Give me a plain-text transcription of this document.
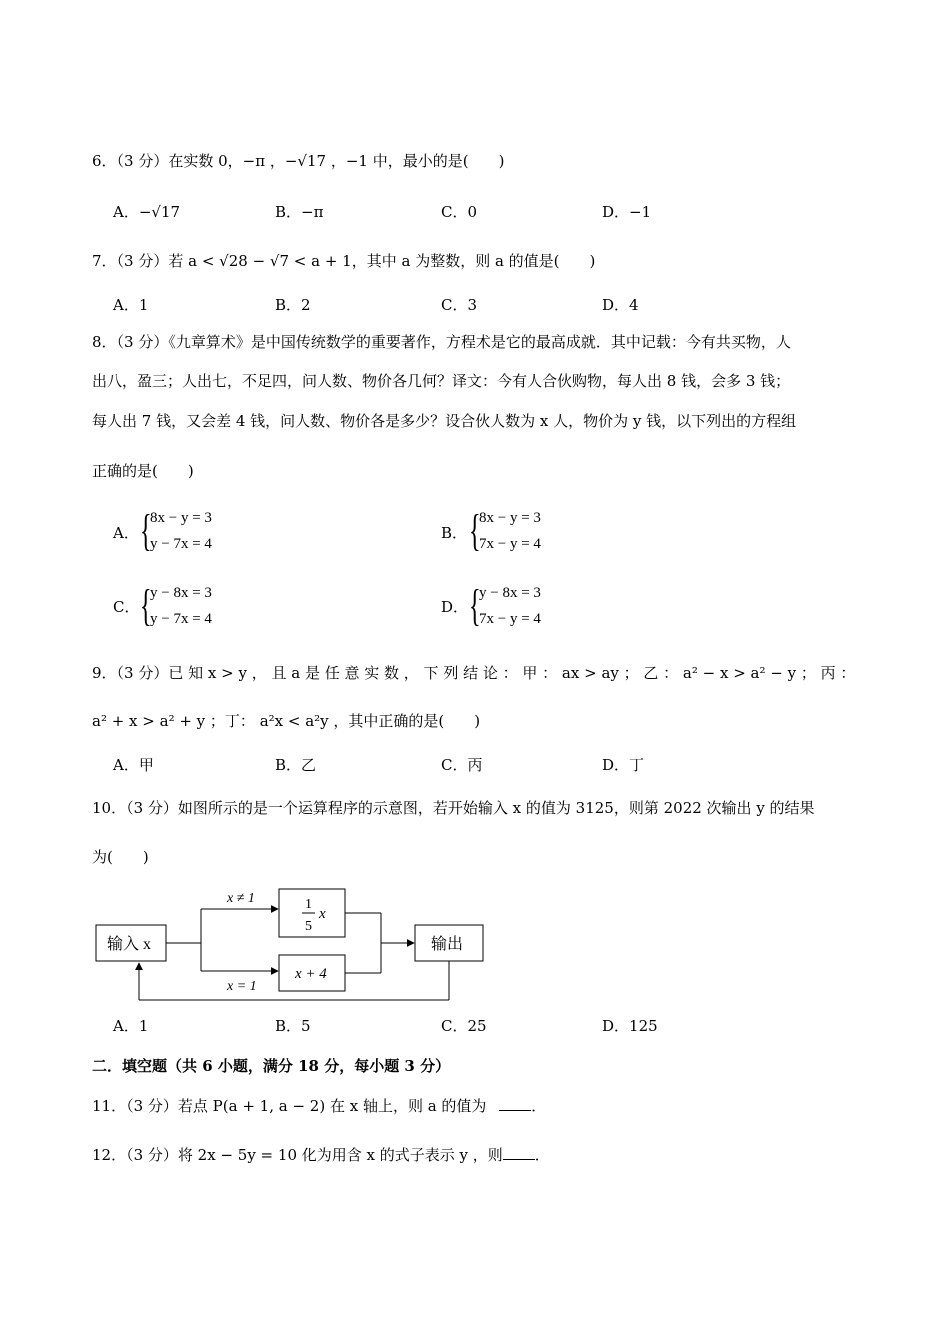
6．（3 分）在实数 0，−π ，−√17 ，−1 中，最小的是(　　)
A．−√17	B．−π	C．0	D．−1
7．（3 分）若 a < √28 − √7 < a + 1，其中 a 为整数，则 a 的值是(　　)
A．1	B．2	C．3	D．4
8．（3 分）《九章算术》是中国传统数学的重要著作，方程术是它的最高成就．其中记载：今有共买物，人
出八，盈三；人出七，不足四，问人数、物价各几何？译文：今有人合伙购物，每人出 8 钱，会多 3 钱；
每人出 7 钱，又会差 4 钱，问人数、物价各是多少？设合伙人数为 x 人，物价为 y 钱，以下列出的方程组
正确的是(　　)
A． {
8x − y = 3
y − 7x = 4
B． {
8x − y = 3
7x − y = 4
C． {
y − 8x = 3
y − 7x = 4
D． {
y − 8x = 3
7x − y = 4
9．（3 分）已 知 x > y ， 且 a 是 任 意 实 数 ， 下 列 结 论 ： 甲 ： ax > ay ； 乙 ： a² − x > a² − y ； 丙 ：
a² + x > a² + y ；丁： a²x < a²y ，其中正确的是(　　)
A．甲	B．乙	C．丙	D．丁
10．（3 分）如图所示的是一个运算程序的示意图，若开始输入 x 的值为 3125，则第 2022 次输出 y 的结果
为(　　)
输入 x
x ≠ 1
x = 1
1
5
x
x + 4
输出
A．1	B．5	C．25	D．125
二．填空题（共 6 小题，满分 18 分，每小题 3 分）
11．（3 分）若点 P(a + 1, a − 2) 在 x 轴上，则 a 的值为	．
12．（3 分）将 2x − 5y = 10 化为用含 x 的式子表示 y ，则 ．
